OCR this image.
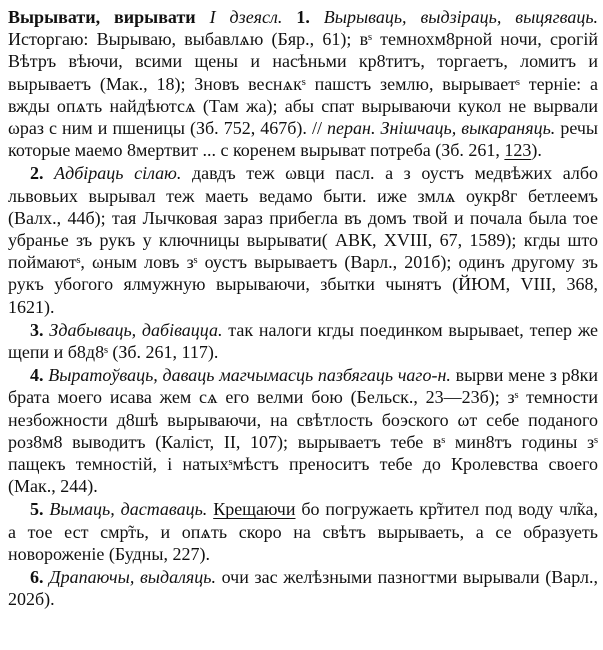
Вырывати, вирывати І дзеясл. 1. Вырываць, выдзіраць, выцягваць. Исторгаю: Вырываю, выбавлѧю (Бяр., 61); вˢ темнохм8рной ночи, срогій Вѣтръ вѣючи, всими щены и насѣньми кр8титъ, торгаетъ, ломитъ и вырываетъ (Мак., 18); Зновъ веснѧкˢ пашстъ землю, вырываетˢ терніе: а вжды опѧть найдѣютсѧ (Там жа); абы спат вырываючи кукол не вырвали ωраз с ним и пшеницы (Зб. 752, 467б). // перан. Знішчаць, выкараняць. речы которые маемо 8мертвит ... с коренем вырыват потреба (Зб. 261, 123).

2. Адбіраць сілаю. давдъ теж ωвци пасл. а з оустъ медвѣжих албо львовьих вырывал теж маеть ведамо быти. иже змлѧ оукр8г бетлеемъ (Валх., 44б); тая Лычковая зараз прибегла въ домъ твой и почала была тое убранье зъ рукъ у ключницы вырывати( АВК, XVIII, 67, 1589); кгды што поймаютˢ, ωным ловъ зˢ оустъ вырываетъ (Варл., 201б); одинъ другому зъ рукъ убогого ялмужную вырываючи, збытки чынятъ (ЙЮМ, VIII, 368, 1621).

3. Здабываць, дабівацца. так налоги кгды поединком вырываеt, тепер же щепи и б8д8ˢ (Зб. 261, 117).

4. Выратоўваць, даваць магчымасць пазбягаць чаго-н. вырви мене з р8ки брата моего исава жем сѧ его велми бою (Бельск., 23—23б); зˢ темности незбожности д8шѣ вырываючи, на свѣтлость боэского ωт себе поданого роз8м8 выводитъ (Каліст, ІІ, 107); вырываетъ тебе вˢ мин8тъ годины зˢ пащекъ темностій, і натыхˢмѣстъ преноситъ тебе до Кролевства своего (Мак., 244).

5. Вымаць, даставаць. Крещаючи бо погружаеть кр̃тител под воду чл̃ка, а тое ест смр̃ть, и опѧть скоро на свѣтъ вырываеть, а се образуеть новороженіе (Будны, 227).

6. Драпаючы, выдаляць. очи зас желѣзными пазногтми вырывали (Варл., 202б).
